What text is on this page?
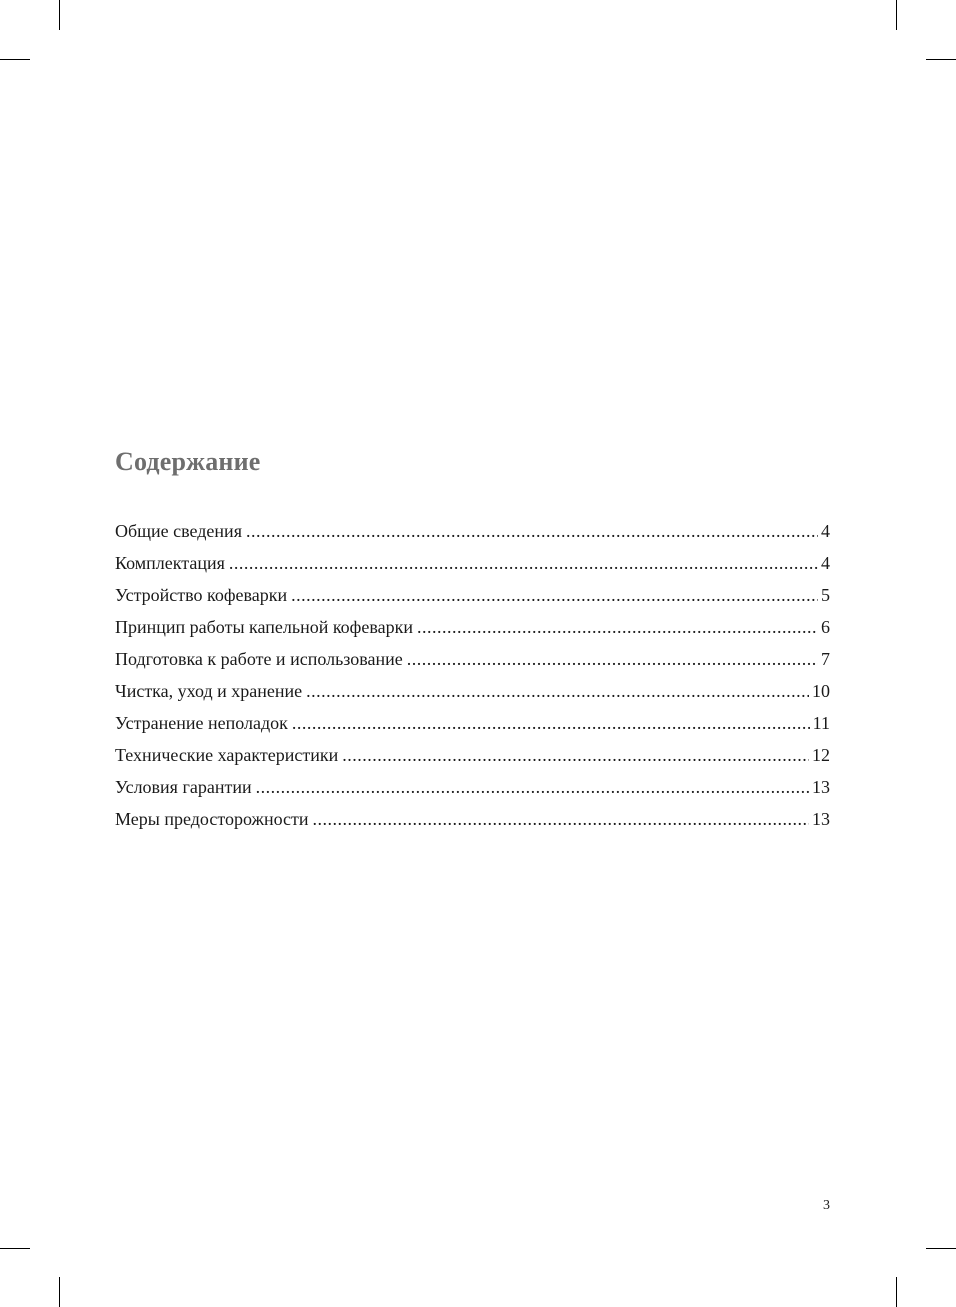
Содержание
Общие сведения .....	4
Комплектация .....	4
Устройство кофеварки .....	5
Принцип работы капельной кофеварки .....	6
Подготовка к работе и использование .....	7
Чистка, уход и хранение .....	10
Устранение неполадок .....	11
Технические характеристики .....	12
Условия гарантии .....	13
Меры предосторожности .....	13
3
